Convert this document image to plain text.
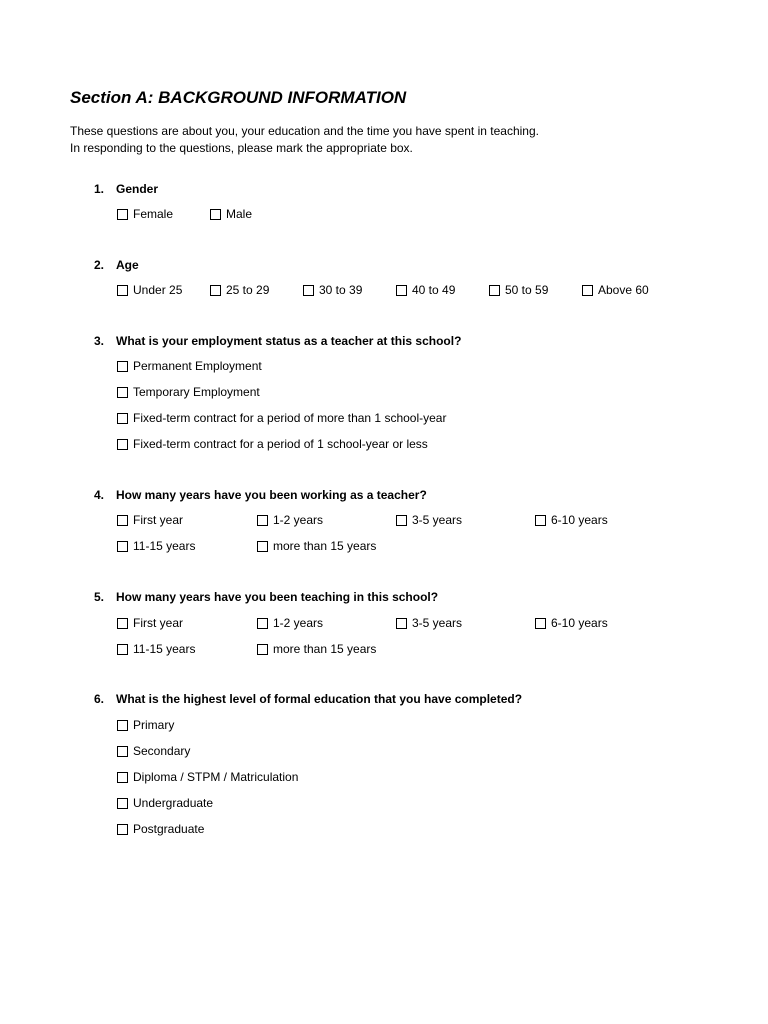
Section A: BACKGROUND INFORMATION
These questions are about you, your education and the time you have spent in teaching.
In responding to the questions, please mark the appropriate box.
1. Gender
Female	Male
2. Age
Under 25	25 to 29	30 to 39	40 to 49	50 to 59	Above 60
3. What is your employment status as a teacher at this school?
Permanent Employment
Temporary Employment
Fixed-term contract for a period of more than 1 school-year
Fixed-term contract for a period of 1 school-year or less
4. How many years have you been working as a teacher?
First year	1-2 years	3-5 years	6-10 years
11-15 years	more than 15 years
5. How many years have you been teaching in this school?
First year	1-2 years	3-5 years	6-10 years
11-15 years	more than 15 years
6. What is the highest level of formal education that you have completed?
Primary
Secondary
Diploma / STPM / Matriculation
Undergraduate
Postgraduate
